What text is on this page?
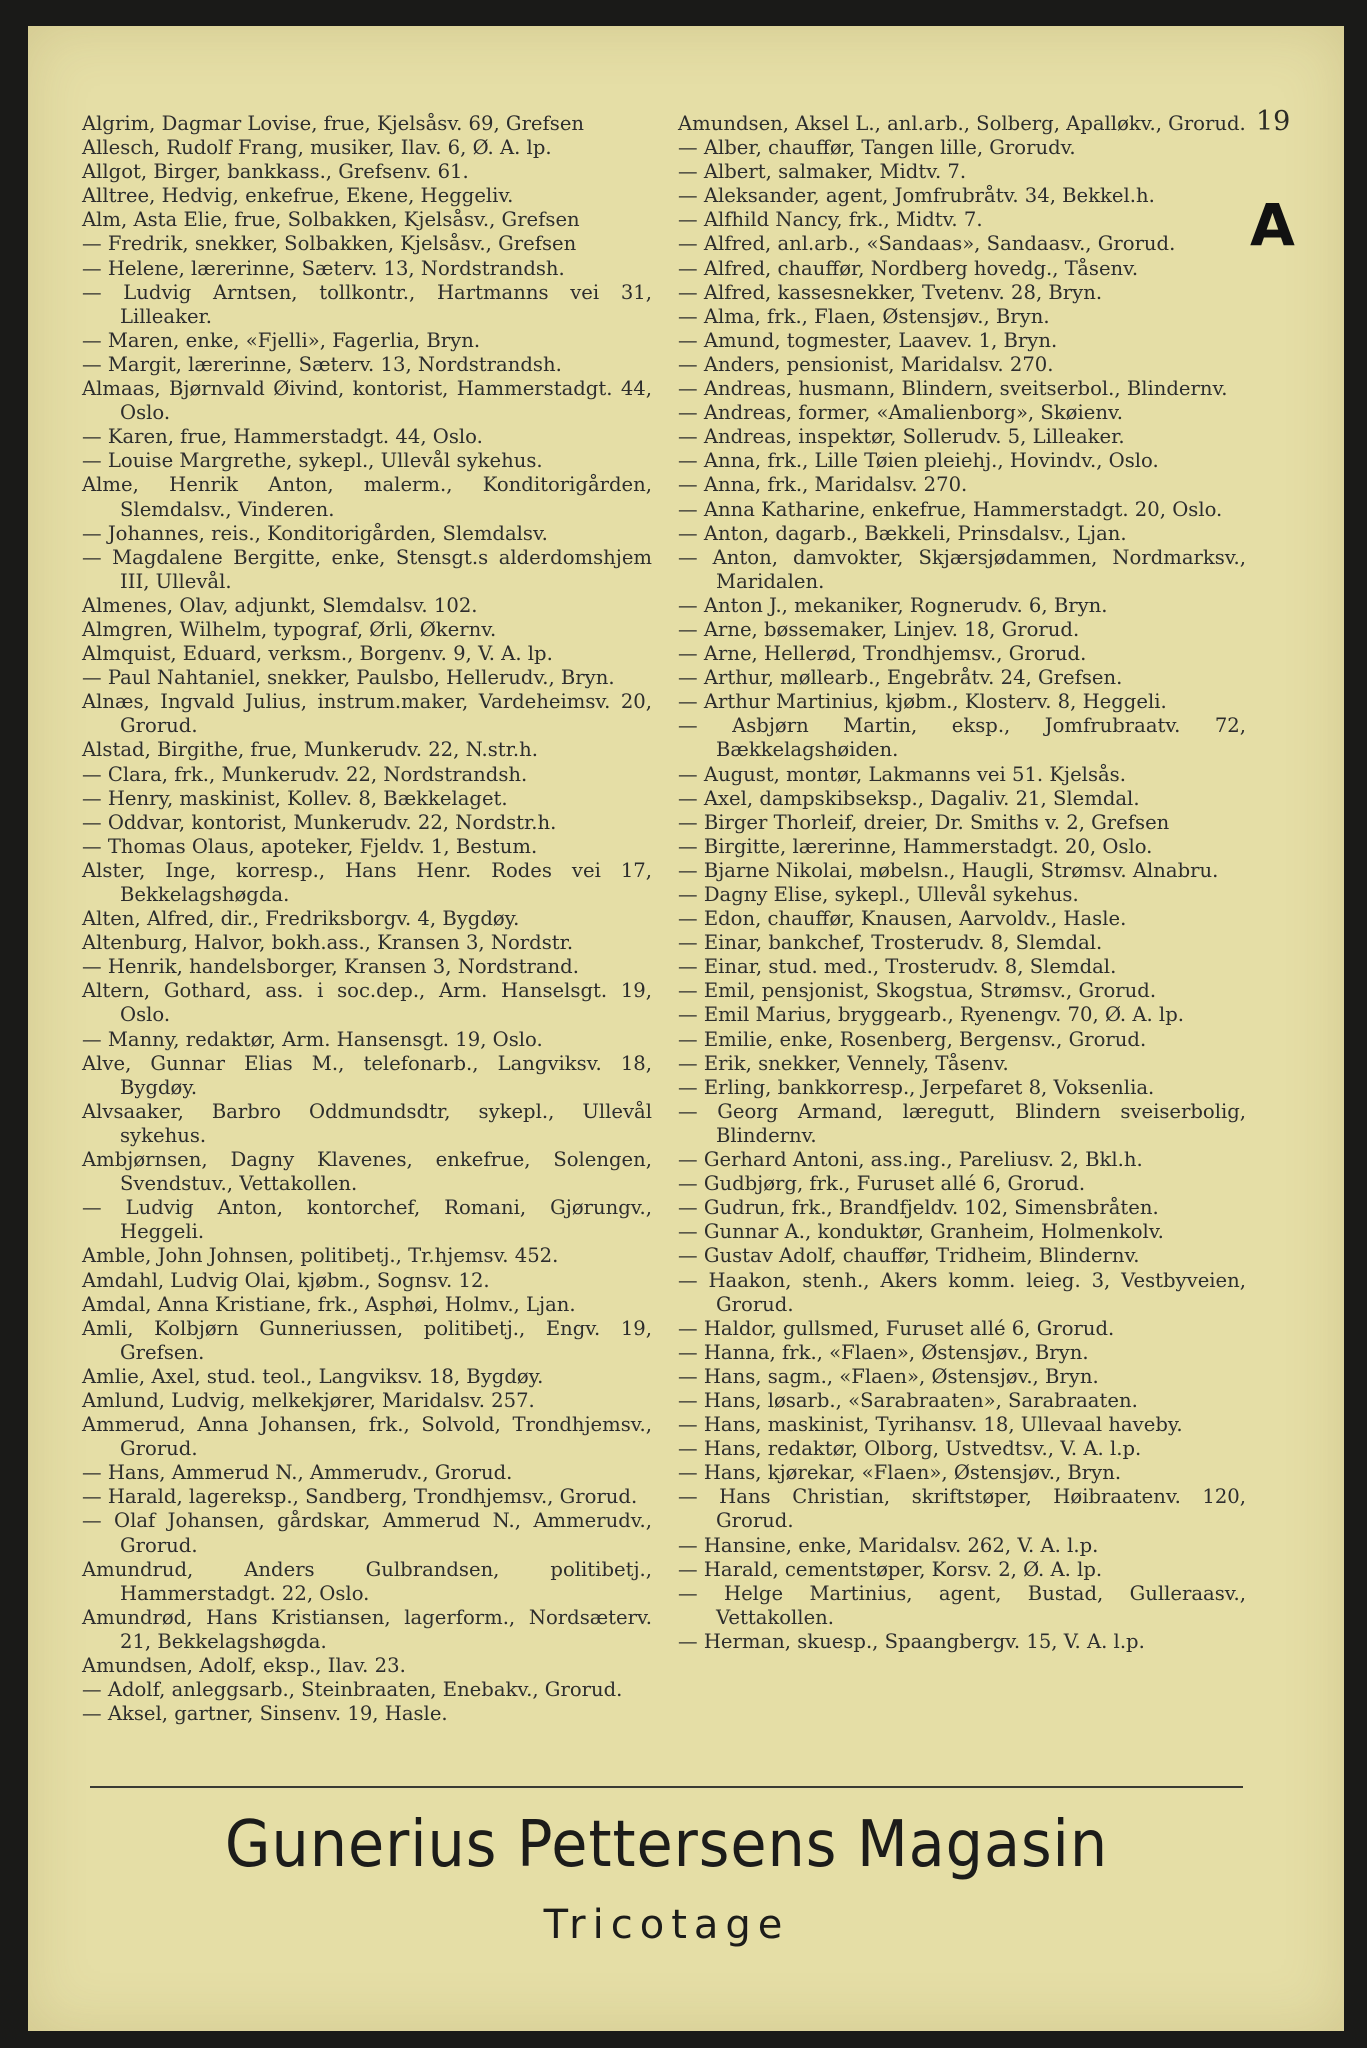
19
A
Algrim, Dagmar Lovise, frue, Kjelsåsv. 69, Grefsen
Allesch, Rudolf Frang, musiker, Ilav. 6, Ø. A. lp.
Allgot, Birger, bankkass., Grefsenv. 61.
Alltree, Hedvig, enkefrue, Ekene, Heggeliv.
Alm, Asta Elie, frue, Solbakken, Kjelsåsv., Grefsen
— Fredrik, snekker, Solbakken, Kjelsåsv., Grefsen
— Helene, lærerinne, Sæterv. 13, Nordstrandsh.
— Ludvig Arntsen, tollkontr., Hartmanns vei 31, Lilleaker.
— Maren, enke, «Fjelli», Fagerlia, Bryn.
— Margit, lærerinne, Sæterv. 13, Nordstrandsh.
Almaas, Bjørnvald Øivind, kontorist, Hammerstadgt. 44, Oslo.
— Karen, frue, Hammerstadgt. 44, Oslo.
— Louise Margrethe, sykepl., Ullevål sykehus.
Alme, Henrik Anton, malerm., Konditorigården, Slemdalsv., Vinderen.
— Johannes, reis., Konditorigården, Slemdalsv.
— Magdalene Bergitte, enke, Stensgt.s alderdomshjem III, Ullevål.
Almenes, Olav, adjunkt, Slemdalsv. 102.
Almgren, Wilhelm, typograf, Ørli, Økernv.
Almquist, Eduard, verksm., Borgenv. 9, V. A. lp.
— Paul Nahtaniel, snekker, Paulsbo, Hellerudv., Bryn.
Alnæs, Ingvald Julius, instrum.maker, Vardeheimsv. 20, Grorud.
Alstad, Birgithe, frue, Munkerudv. 22, N.str.h.
— Clara, frk., Munkerudv. 22, Nordstrandsh.
— Henry, maskinist, Kollev. 8, Bækkelaget.
— Oddvar, kontorist, Munkerudv. 22, Nordstr.h.
— Thomas Olaus, apoteker, Fjeldv. 1, Bestum.
Alster, Inge, korresp., Hans Henr. Rodes vei 17, Bekkelagshøgda.
Alten, Alfred, dir., Fredriksborgv. 4, Bygdøy.
Altenburg, Halvor, bokh.ass., Kransen 3, Nordstr.
— Henrik, handelsborger, Kransen 3, Nordstrand.
Altern, Gothard, ass. i soc.dep., Arm. Hanselsgt. 19, Oslo.
— Manny, redaktør, Arm. Hansensgt. 19, Oslo.
Alve, Gunnar Elias M., telefonarb., Langviksv. 18, Bygdøy.
Alvsaaker, Barbro Oddmundsdtr, sykepl., Ullevål sykehus.
Ambjørnsen, Dagny Klavenes, enkefrue, Solengen, Svendstuv., Vettakollen.
— Ludvig Anton, kontorchef, Romani, Gjørungv., Heggeli.
Amble, John Johnsen, politibetj., Tr.hjemsv. 452.
Amdahl, Ludvig Olai, kjøbm., Sognsv. 12.
Amdal, Anna Kristiane, frk., Asphøi, Holmv., Ljan.
Amli, Kolbjørn Gunneriussen, politibetj., Engv. 19, Grefsen.
Amlie, Axel, stud. teol., Langviksv. 18, Bygdøy.
Amlund, Ludvig, melkekjører, Maridalsv. 257.
Ammerud, Anna Johansen, frk., Solvold, Trondhjemsv., Grorud.
— Hans, Ammerud N., Ammerudv., Grorud.
— Harald, lagereksp., Sandberg, Trondhjemsv., Grorud.
— Olaf Johansen, gårdskar, Ammerud N., Ammerudv., Grorud.
Amundrud, Anders Gulbrandsen, politibetj., Hammerstadgt. 22, Oslo.
Amundrød, Hans Kristiansen, lagerform., Nordsæterv. 21, Bekkelagshøgda.
Amundsen, Adolf, eksp., Ilav. 23.
— Adolf, anleggsarb., Steinbraaten, Enebakv., Grorud.
— Aksel, gartner, Sinsenv. 19, Hasle.
Amundsen, Aksel L., anl.arb., Solberg, Apalløkv., Grorud.
— Alber, chauffør, Tangen lille, Grorudv.
— Albert, salmaker, Midtv. 7.
— Aleksander, agent, Jomfrubråtv. 34, Bekkel.h.
— Alfhild Nancy, frk., Midtv. 7.
— Alfred, anl.arb., «Sandaas», Sandaasv., Grorud.
— Alfred, chauffør, Nordberg hovedg., Tåsenv.
— Alfred, kassesnekker, Tvetenv. 28, Bryn.
— Alma, frk., Flaen, Østensjøv., Bryn.
— Amund, togmester, Laavev. 1, Bryn.
— Anders, pensionist, Maridalsv. 270.
— Andreas, husmann, Blindern, sveitserbol., Blindernv.
— Andreas, former, «Amalienborg», Skøienv.
— Andreas, inspektør, Sollerudv. 5, Lilleaker.
— Anna, frk., Lille Tøien pleiehj., Hovindv., Oslo.
— Anna, frk., Maridalsv. 270.
— Anna Katharine, enkefrue, Hammerstadgt. 20, Oslo.
— Anton, dagarb., Bækkeli, Prinsdalsv., Ljan.
— Anton, damvokter, Skjærsjødammen, Nordmarksv., Maridalen.
— Anton J., mekaniker, Rognerudv. 6, Bryn.
— Arne, bøssemaker, Linjev. 18, Grorud.
— Arne, Hellerød, Trondhjemsv., Grorud.
— Arthur, møllearb., Engebråtv. 24, Grefsen.
— Arthur Martinius, kjøbm., Klosterv. 8, Heggeli.
— Asbjørn Martin, eksp., Jomfrubraatv. 72, Bækkelagshøiden.
— August, montør, Lakmanns vei 51. Kjelsås.
— Axel, dampskibseksp., Dagaliv. 21, Slemdal.
— Birger Thorleif, dreier, Dr. Smiths v. 2, Grefsen
— Birgitte, lærerinne, Hammerstadgt. 20, Oslo.
— Bjarne Nikolai, møbelsn., Haugli, Strømsv. Alnabru.
— Dagny Elise, sykepl., Ullevål sykehus.
— Edon, chauffør, Knausen, Aarvoldv., Hasle.
— Einar, bankchef, Trosterudv. 8, Slemdal.
— Einar, stud. med., Trosterudv. 8, Slemdal.
— Emil, pensjonist, Skogstua, Strømsv., Grorud.
— Emil Marius, bryggearb., Ryenengv. 70, Ø. A. lp.
— Emilie, enke, Rosenberg, Bergensv., Grorud.
— Erik, snekker, Vennely, Tåsenv.
— Erling, bankkorresp., Jerpefaret 8, Voksenlia.
— Georg Armand, læregutt, Blindern sveiserbolig, Blindernv.
— Gerhard Antoni, ass.ing., Pareliusv. 2, Bkl.h.
— Gudbjørg, frk., Furuset allé 6, Grorud.
— Gudrun, frk., Brandfjeldv. 102, Simensbråten.
— Gunnar A., konduktør, Granheim, Holmenkolv.
— Gustav Adolf, chauffør, Tridheim, Blindernv.
— Haakon, stenh., Akers komm. leieg. 3, Vestbyveien, Grorud.
— Haldor, gullsmed, Furuset allé 6, Grorud.
— Hanna, frk., «Flaen», Østensjøv., Bryn.
— Hans, sagm., «Flaen», Østensjøv., Bryn.
— Hans, løsarb., «Sarabraaten», Sarabraaten.
— Hans, maskinist, Tyrihansv. 18, Ullevaal haveby.
— Hans, redaktør, Olborg, Ustvedtsv., V. A. l.p.
— Hans, kjørekar, «Flaen», Østensjøv., Bryn.
— Hans Christian, skriftstøper, Høibraatenv. 120, Grorud.
— Hansine, enke, Maridalsv. 262, V. A. l.p.
— Harald, cementstøper, Korsv. 2, Ø. A. lp.
— Helge Martinius, agent, Bustad, Gulleraasv., Vettakollen.
— Herman, skuesp., Spaangbergv. 15, V. A. l.p.
Gunerius Pettersens Magasin
Tricotage
